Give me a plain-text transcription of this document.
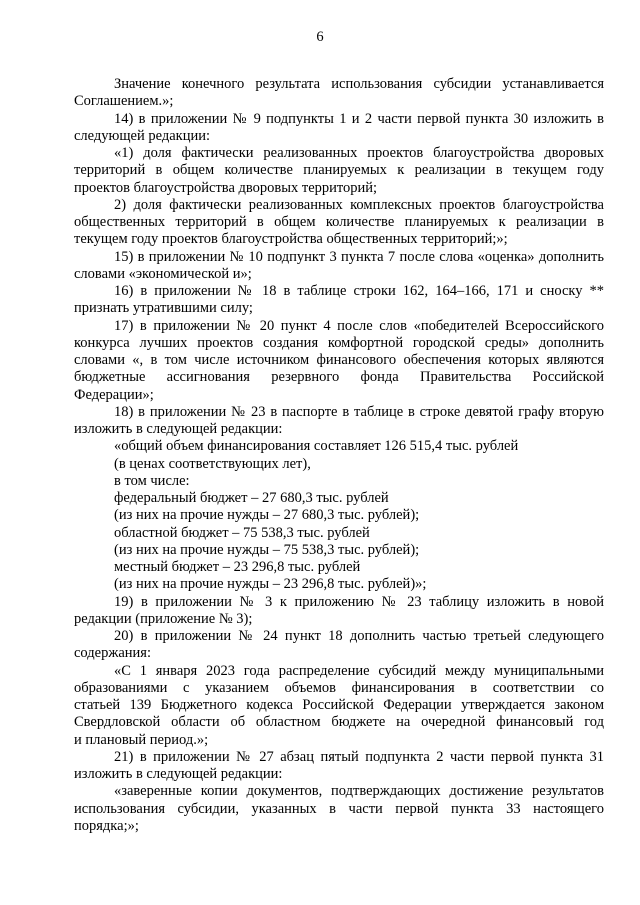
6
Значение конечного результата использования субсидии устанавливается
Соглашением.»;
14) в приложении № 9 подпункты 1 и 2 части первой пункта 30 изложить в
следующей редакции:
«1) доля фактически реализованных проектов благоустройства дворовых
территорий в общем количестве планируемых к реализации в текущем году
проектов благоустройства дворовых территорий;
2) доля фактически реализованных комплексных проектов благоустройства
общественных территорий в общем количестве планируемых к реализации в
текущем году проектов благоустройства общественных территорий;»;
15) в приложении № 10 подпункт 3 пункта 7 после слова «оценка» дополнить
словами «экономической и»;
16) в приложении № 18 в таблице строки 162, 164–166, 171 и сноску **
признать утратившими силу;
17) в приложении № 20 пункт 4 после слов «победителей Всероссийского
конкурса лучших проектов создания комфортной городской среды» дополнить
словами «, в том числе источником финансового обеспечения которых являются
бюджетные ассигнования резервного фонда Правительства Российской
Федерации»;
18) в приложении № 23 в паспорте в таблице в строке девятой графу вторую
изложить в следующей редакции:
«общий объем финансирования составляет 126 515,4 тыс. рублей
(в ценах соответствующих лет),
в том числе:
федеральный бюджет – 27 680,3 тыс. рублей
(из них на прочие нужды – 27 680,3 тыс. рублей);
областной бюджет – 75 538,3 тыс. рублей
(из них на прочие нужды – 75 538,3 тыс. рублей);
местный бюджет – 23 296,8 тыс. рублей
(из них на прочие нужды – 23 296,8 тыс. рублей)»;
19) в приложении № 3 к приложению № 23 таблицу изложить в новой
редакции (приложение № 3);
20) в приложении № 24 пункт 18 дополнить частью третьей следующего
содержания:
«С 1 января 2023 года распределение субсидий между муниципальными
образованиями с указанием объемов финансирования в соответствии со
статьей 139 Бюджетного кодекса Российской Федерации утверждается законом
Свердловской области об областном бюджете на очередной финансовый год
и плановый период.»;
21) в приложении № 27 абзац пятый подпункта 2 части первой пункта 31
изложить в следующей редакции:
«заверенные копии документов, подтверждающих достижение результатов
использования субсидии, указанных в части первой пункта 33 настоящего
порядка;»;
